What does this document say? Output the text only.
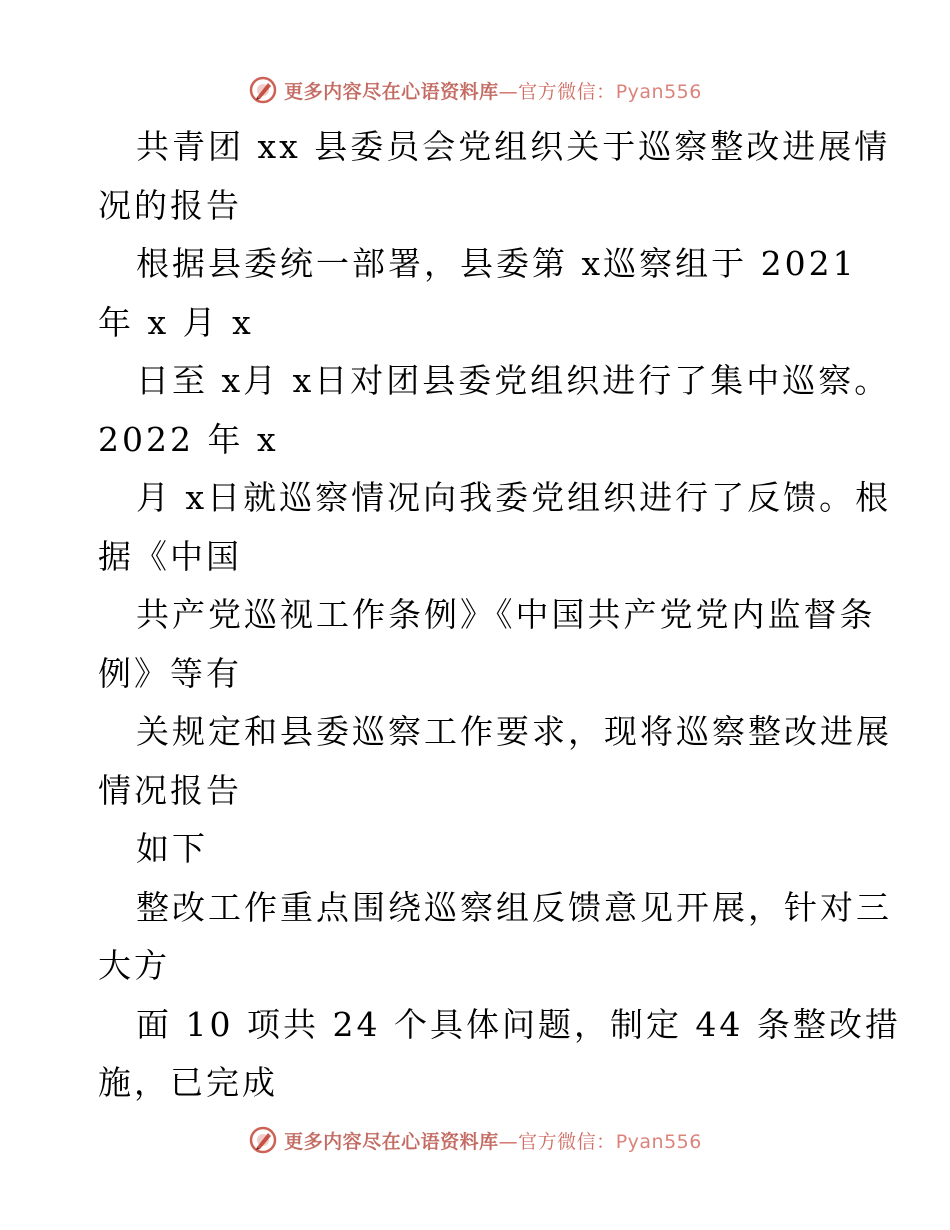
更多内容尽在心语资料库—官方微信：Pyan556
共青团 xx 县委员会党组织关于巡察整改进展情
况的报告
根据县委统一部署，县委第 x巡察组于 2021
年 x 月 x
日至 x月 x日对团县委党组织进行了集中巡察。
2022 年 x
月 x日就巡察情况向我委党组织进行了反馈。根
据《中国
共产党巡视工作条例》《中国共产党党内监督条
例》等有
关规定和县委巡察工作要求，现将巡察整改进展
情况报告
如下
整改工作重点围绕巡察组反馈意见开展，针对三
大方
面 10 项共 24 个具体问题，制定 44 条整改措
施，已完成
更多内容尽在心语资料库—官方微信：Pyan556
